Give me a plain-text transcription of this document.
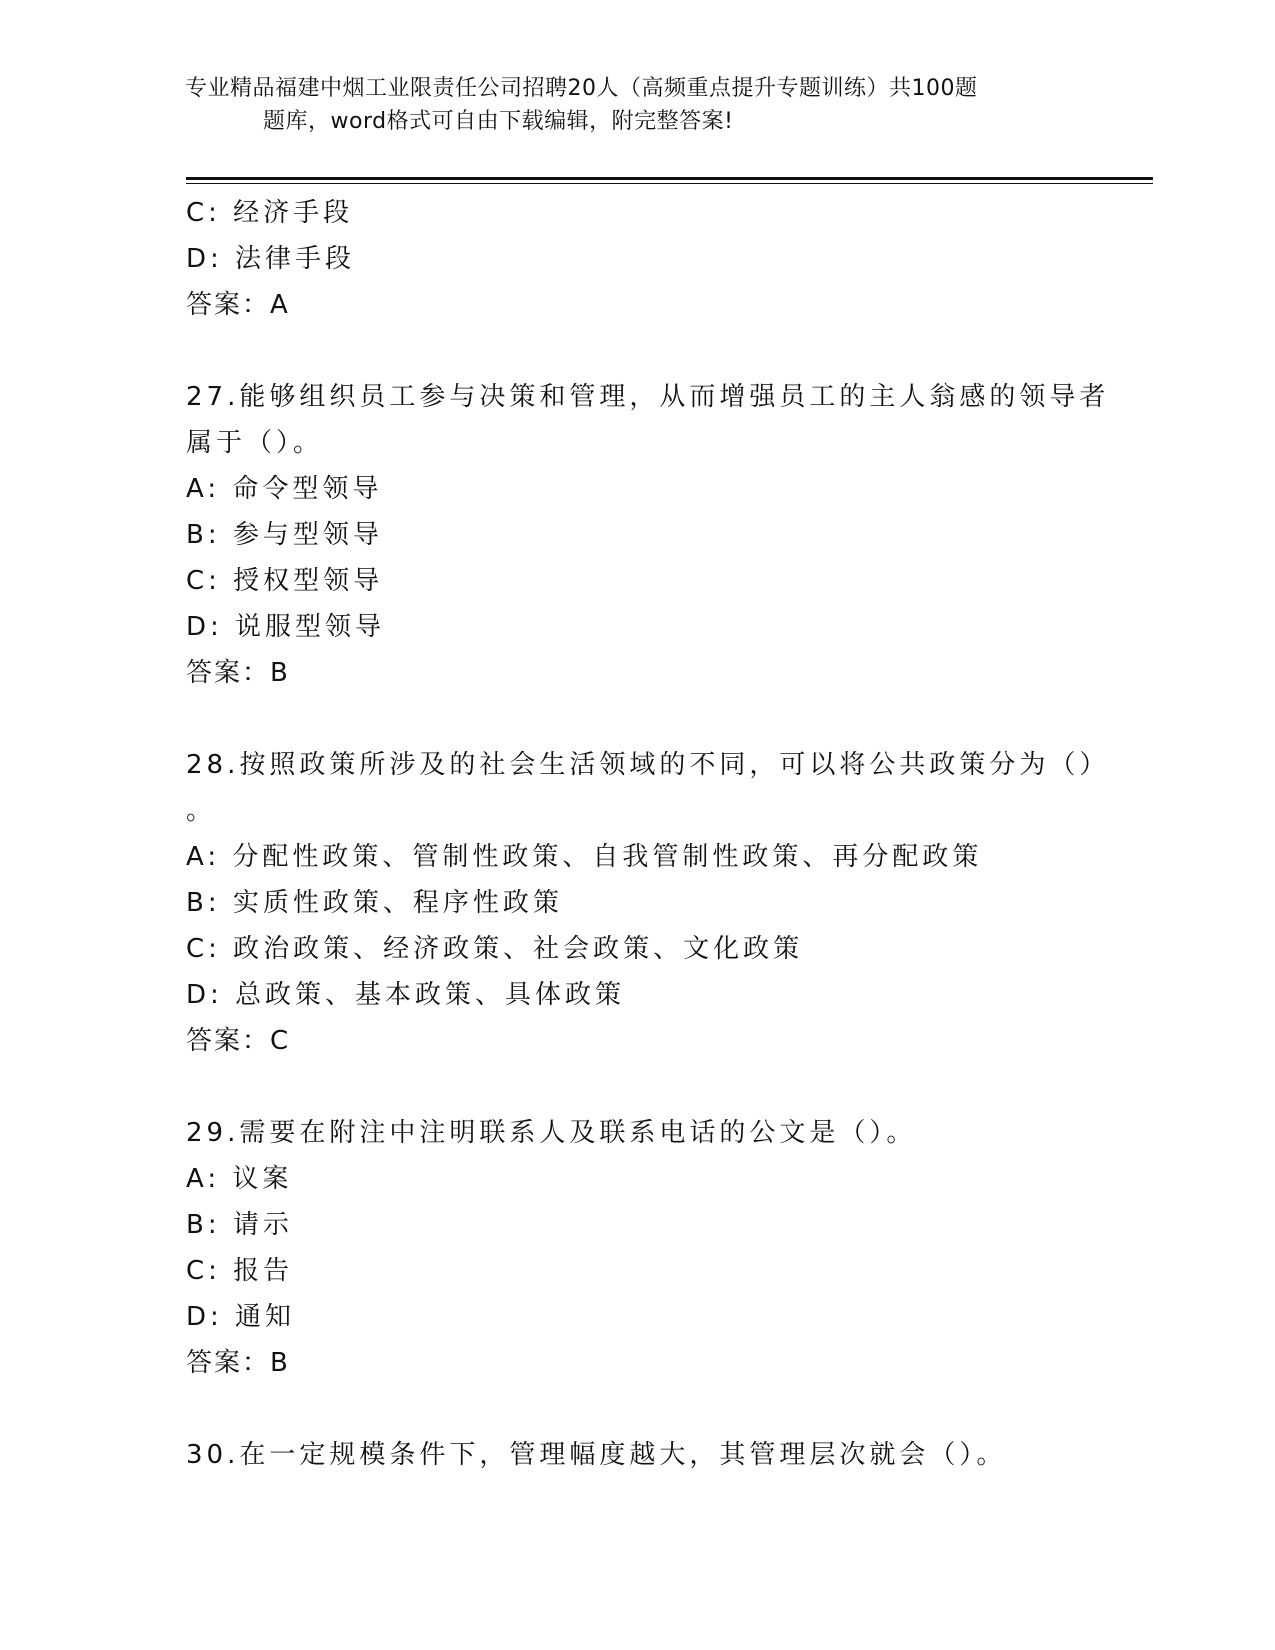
专业精品福建中烟工业限责任公司招聘20人（高频重点提升专题训练）共100题
题库，word格式可自由下载编辑，附完整答案!
C: 经济手段
D: 法律手段
答案：A
27.能够组织员工参与决策和管理，从而增强员工的主人翁感的领导者
属于（）。
A: 命令型领导
B: 参与型领导
C: 授权型领导
D: 说服型领导
答案：B
28.按照政策所涉及的社会生活领域的不同，可以将公共政策分为（）
。
A: 分配性政策、管制性政策、自我管制性政策、再分配政策
B: 实质性政策、程序性政策
C: 政治政策、经济政策、社会政策、文化政策
D: 总政策、基本政策、具体政策
答案：C
29.需要在附注中注明联系人及联系电话的公文是（）。
A: 议案
B: 请示
C: 报告
D: 通知
答案：B
30.在一定规模条件下，管理幅度越大，其管理层次就会（）。
